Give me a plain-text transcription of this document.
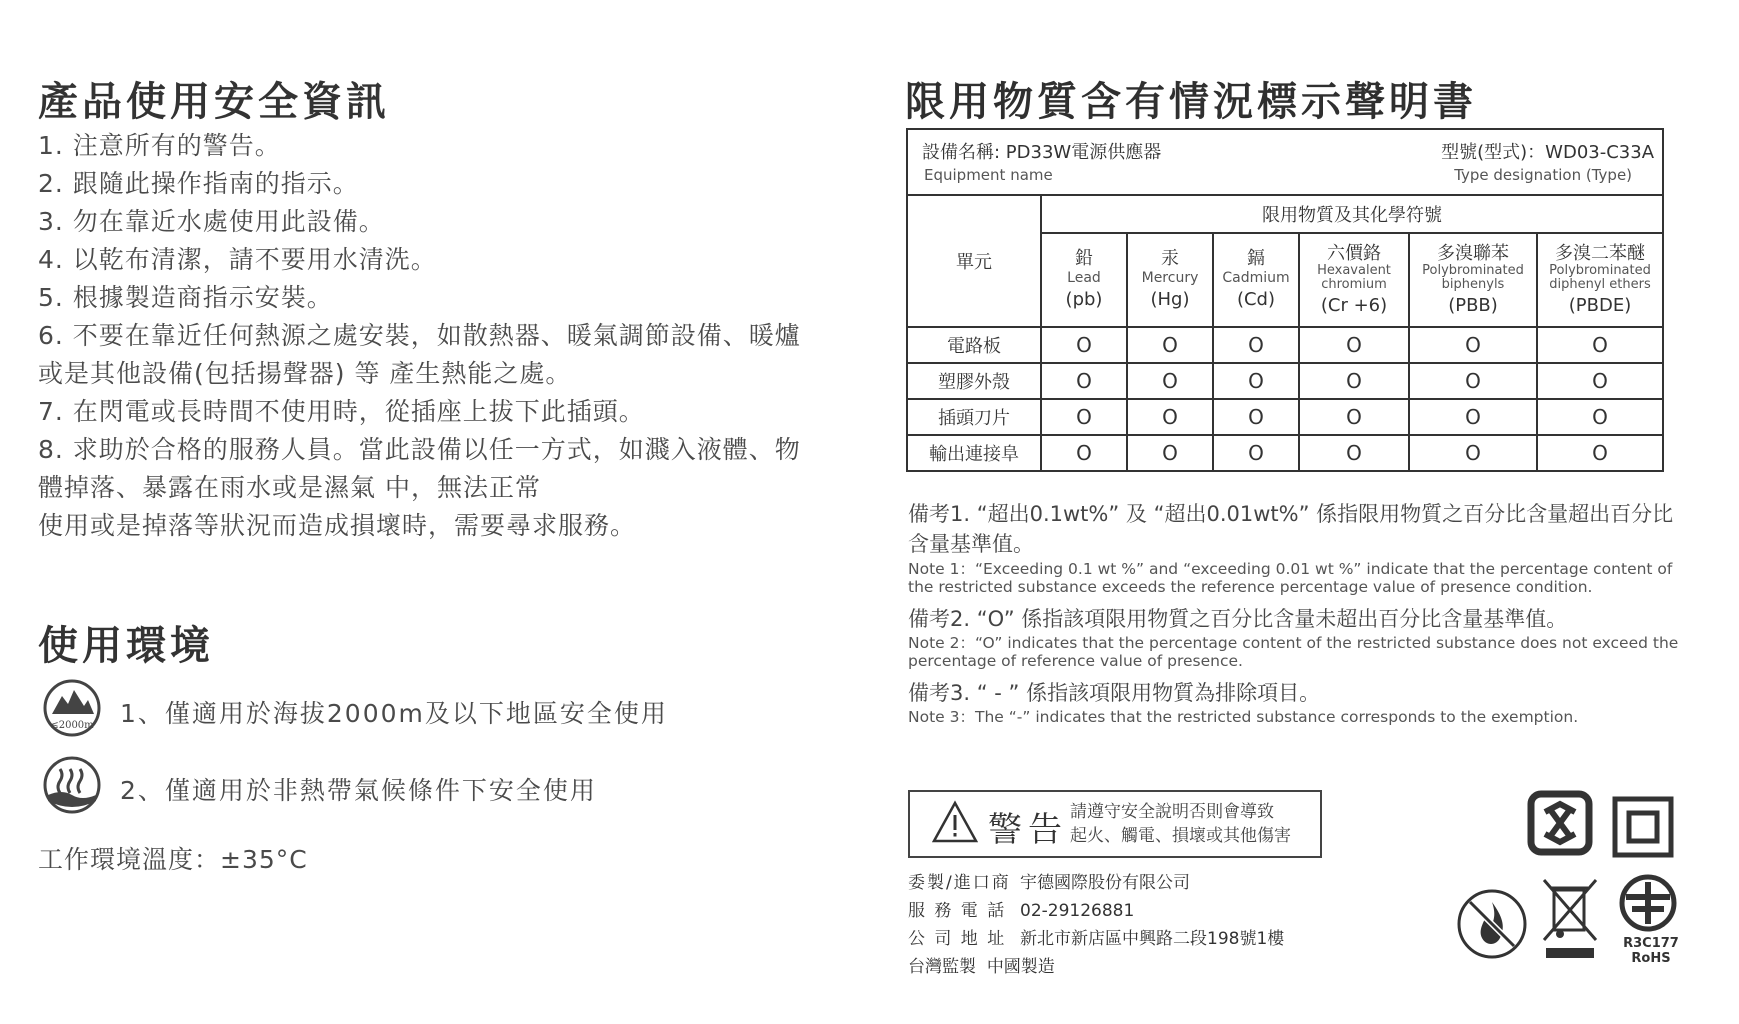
產品使用安全資訊
1. 注意所有的警告。
2. 跟隨此操作指南的指示。
3. 勿在靠近水處使用此設備。
4. 以乾布清潔，請不要用水清洗。
5. 根據製造商指示安裝。
6. 不要在靠近任何熱源之處安裝，如散熱器、暖氣調節設備、暖爐
或是其他設備(包括揚聲器) 等 產生熱能之處。
7. 在閃電或長時間不使用時，從插座上拔下此插頭。
8. 求助於合格的服務人員。當此設備以任一方式，如濺入液體、物
體掉落、暴露在雨水或是濕氣 中，無法正常
使用或是掉落等狀況而造成損壞時，需要尋求服務。
使用環境
≤2000m 1、僅適用於海拔2000m及以下地區安全使用
2、僅適用於非熱帶氣候條件下安全使用
工作環境溫度：±35°C
限用物質含有情況標示聲明書
設備名稱: PD33W電源供應器
Equipment name
型號(型式)：WD03-C33A
Type designation (Type)						

單元	限用物質及其化學符號					

	鉛
Lead
(pb)	汞
Mercury
(Hg)	鎘
Cadmium
(Cd)	六價鉻
Hexavalent chromium
(Cr +6)	多溴聯苯
Polybrominated biphenyls
(PBB)	多溴二苯醚
Polybrominated diphenyl ethers
(PBDE)

電路板	O	O	O	O	O	O
塑膠外殼	O	O	O	O	O	O
插頭刀片	O	O	O	O	O	O
輸出連接阜	O	O	O	O	O	O
備考1. “超出0.1wt%” 及 “超出0.01wt%” 係指限用物質之百分比含量超出百分比
含量基準值。
Note 1：“Exceeding 0.1 wt %” and “exceeding 0.01 wt %” indicate that the percentage content of
the restricted substance exceeds the reference percentage value of presence condition.
備考2. “O” 係指該項限用物質之百分比含量未超出百分比含量基準值。
Note 2：“O” indicates that the percentage content of the restricted substance does not exceed the
percentage of reference value of presence.
備考3. “ - ” 係指該項限用物質為排除項目。
Note 3：The “-” indicates that the restricted substance corresponds to the exemption.
警告 請遵守安全說明否則會導致
起火、觸電、損壞或其他傷害
委製/進口商 宇德國際股份有限公司
服 務 電 話 02-29126881
公 司 地 址 新北市新店區中興路二段198號1樓
台灣監製 中國製造
R3C177
RoHS
